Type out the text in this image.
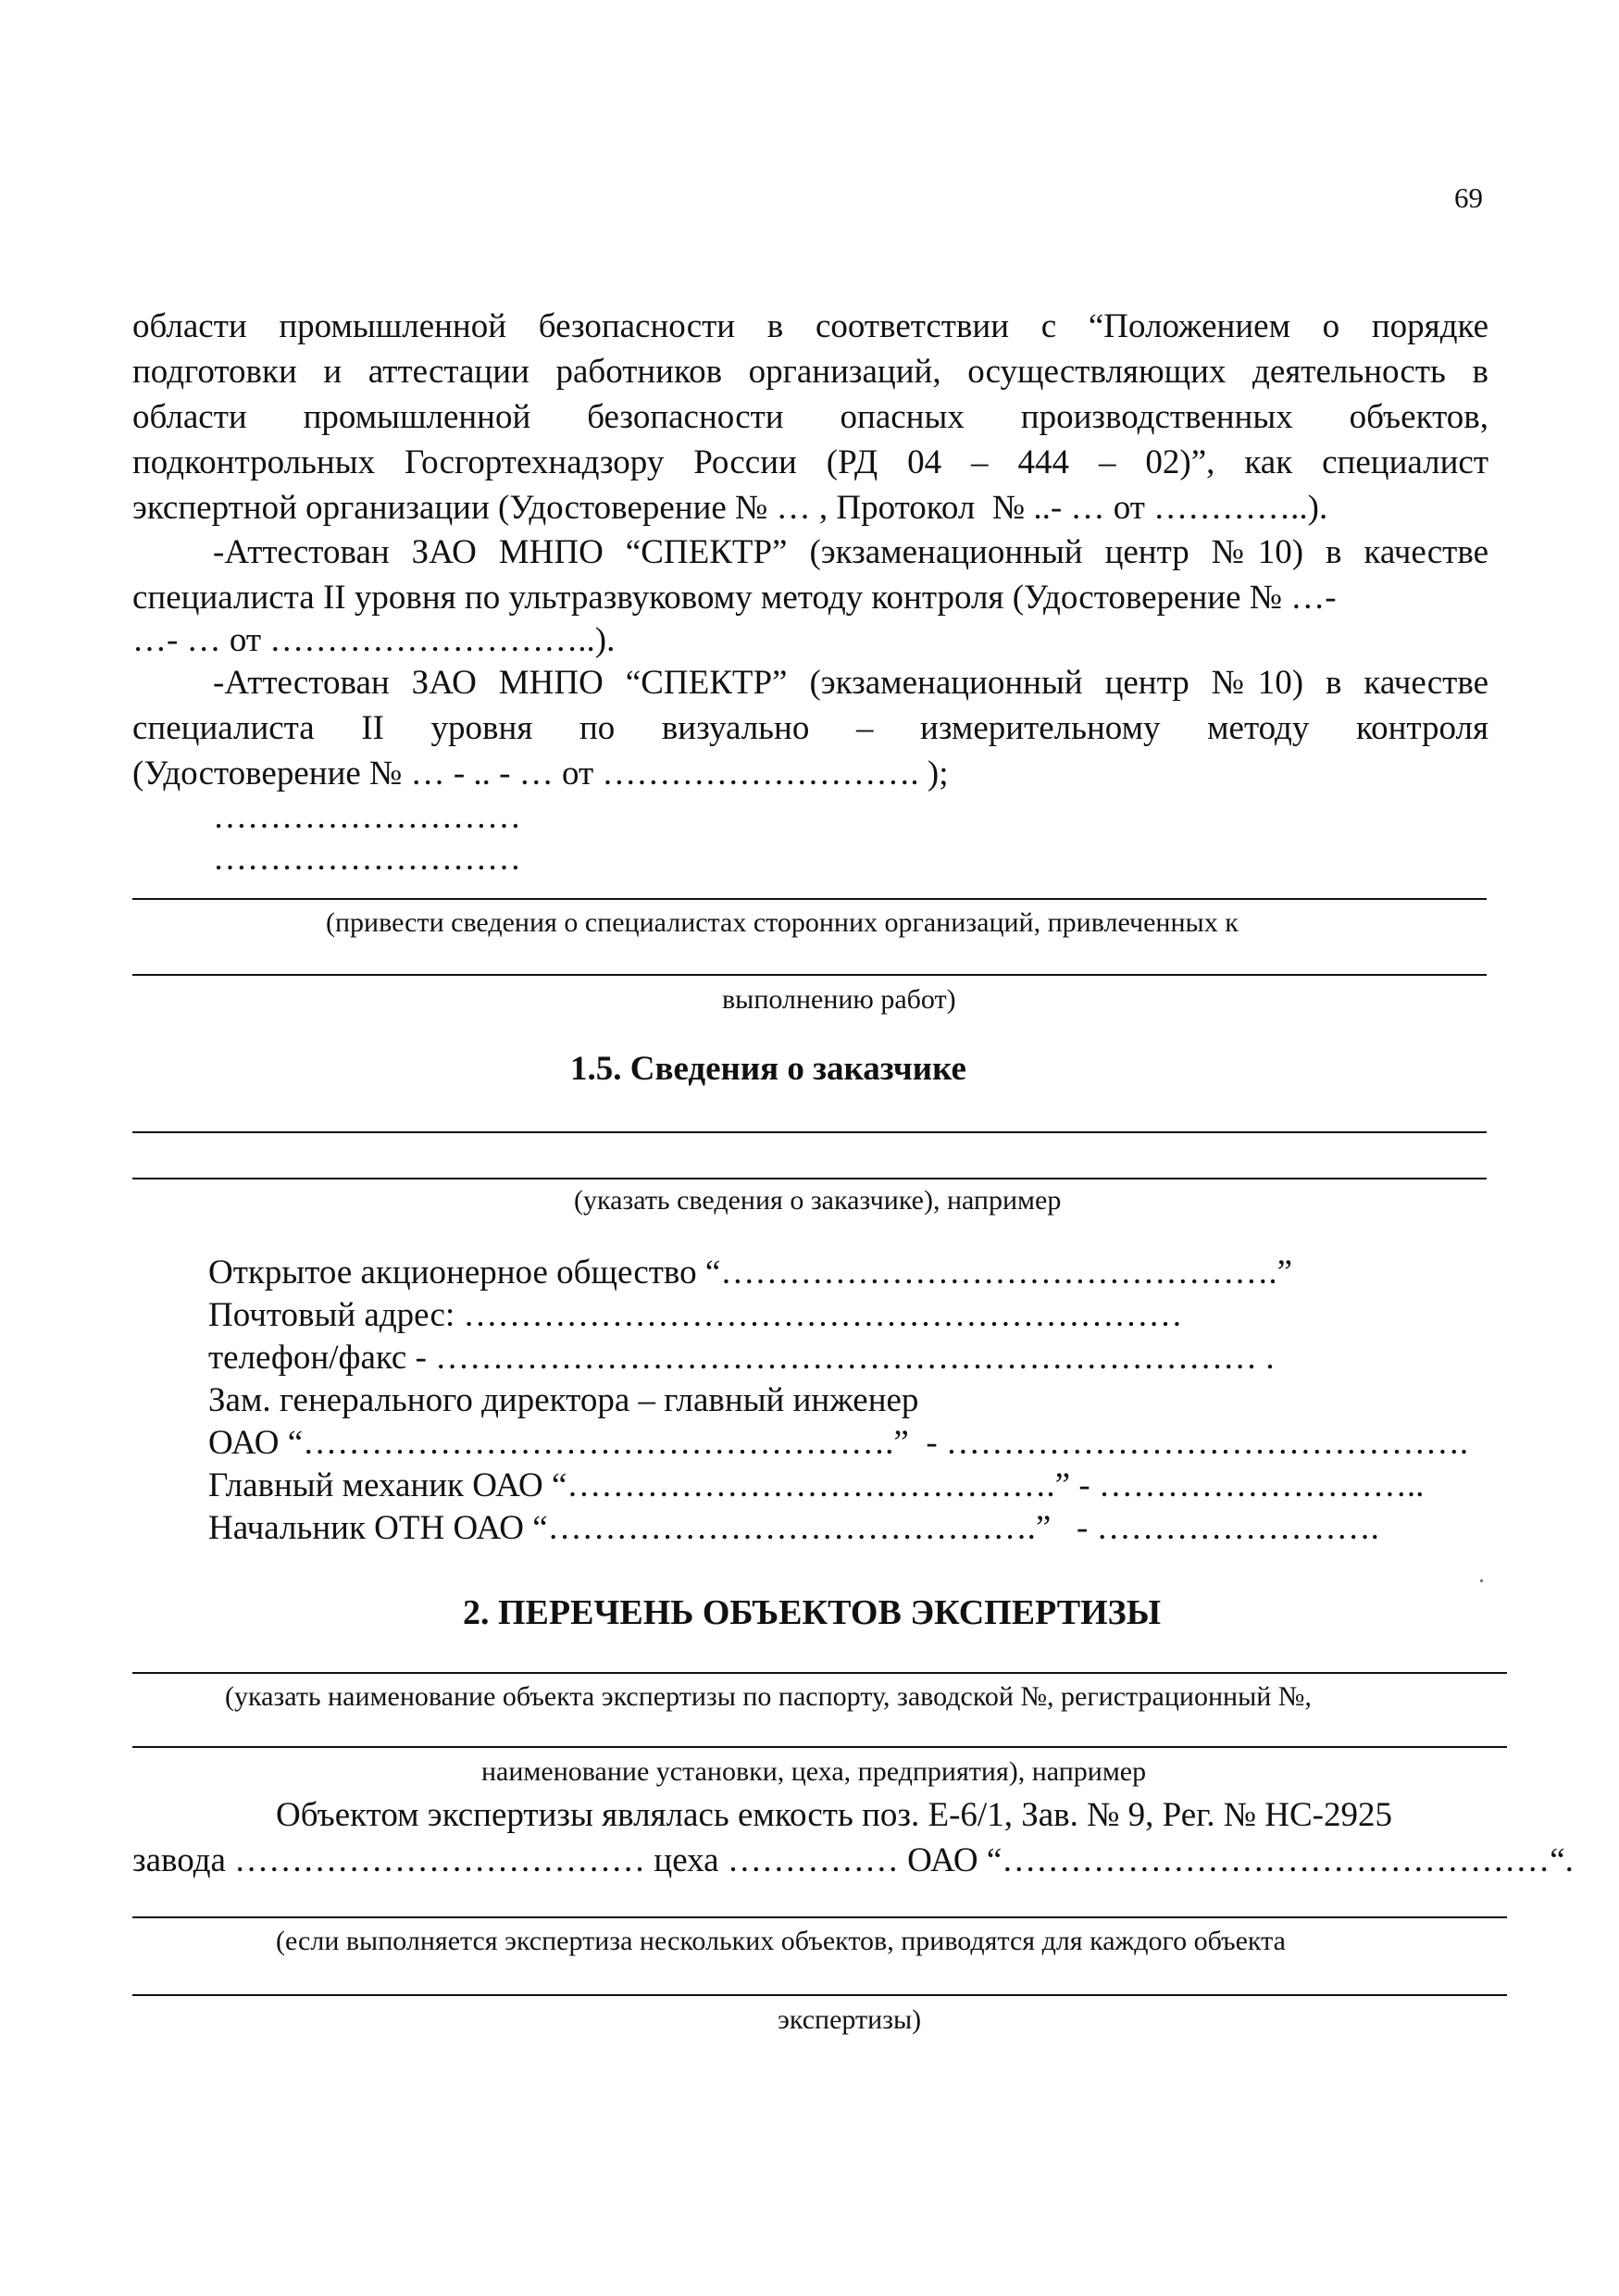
69
области промышленной безопасности в соответствии с “Положением о порядке
подготовки и аттестации работников организаций, осуществляющих деятельность в
области промышленной безопасности опасных производственных объектов,
подконтрольных Госгортехнадзору России (РД 04 – 444 – 02)”, как специалист
экспертной организации (Удостоверение № … , Протокол  № ..- … от …………..).
-Аттестован ЗАО МНПО “СПЕКТР” (экзаменационный центр №10) в качестве
специалиста II уровня по ультразвуковому методу контроля (Удостоверение № …-
…- … от ………………………..).
-Аттестован ЗАО МНПО “СПЕКТР” (экзаменационный центр №10) в качестве
специалиста II уровня по визуально – измерительному методу контроля
(Удостоверение № … - .. - … от ………………………. );
………………………
………………………
(привести сведения о специалистах сторонних организаций, привлеченных к
выполнению работ)
1.5. Сведения о заказчике
(указать сведения о заказчике), например
Открытое акционерное общество “………………………………………….”
Почтовый адрес: ………………………………………………………
телефон/факс - ……………………………………………………………… .
Зам. генерального директора – главный инженер
ОАО “…………………………………………….”  - ……………………………………….
Главный механик ОАО “…………………………………….” - ………………………..
Начальник ОТН ОАО “…………………………………….”   - …………………….
2. ПЕРЕЧЕНЬ ОБЪЕКТОВ ЭКСПЕРТИЗЫ
(указать наименование объекта экспертизы по паспорту, заводской №, регистрационный №,
наименование установки, цеха, предприятия), например
Объектом экспертизы являлась емкость поз. Е-6/1, Зав. № 9, Рег. № НС-2925
завода ……………………………… цеха …………… ОАО “…………………………………………“.
(если выполняется экспертиза нескольких объектов, приводятся для каждого объекта
экспертизы)
